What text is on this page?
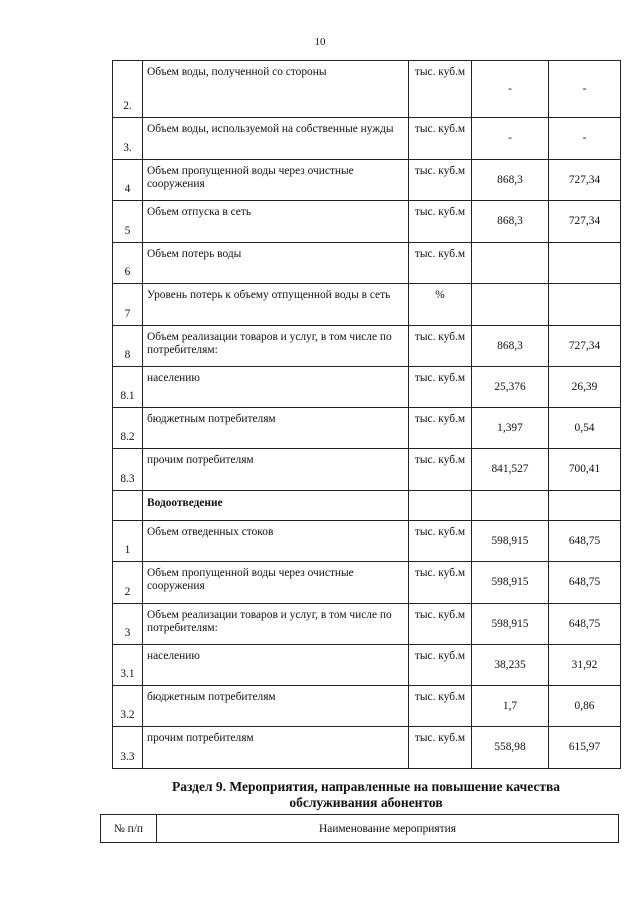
10
2.	Объем воды, полученной со стороны	тыс. куб.м	-	-
3.	Объем воды, используемой на собственные нужды	тыс. куб.м	-	-
4	Объем пропущенной воды через очистные сооружения	тыс. куб.м	868,3	727,34
5	Объем отпуска в сеть	тыс. куб.м	868,3	727,34
6	Объем потерь воды	тыс. куб.м		
7	Уровень потерь к объему отпущенной воды в сеть	%		
8	Объем реализации товаров и услуг, в том числе по потребителям:	тыс. куб.м	868,3	727,34
8.1	населению	тыс. куб.м	25,376	26,39
8.2	бюджетным потребителям	тыс. куб.м	1,397	0,54
8.3	прочим потребителям	тыс. куб.м	841,527	700,41
	Водоотведение			
1	Объем отведенных стоков	тыс. куб.м	598,915	648,75
2	Объем пропущенной воды через очистные сооружения	тыс. куб.м	598,915	648,75
3	Объем реализации товаров и услуг, в том числе по потребителям:	тыс. куб.м	598,915	648,75
3.1	населению	тыс. куб.м	38,235	31,92
3.2	бюджетным потребителям	тыс. куб.м	1,7	0,86
3.3	прочим потребителям	тыс. куб.м	558,98	615,97
Раздел 9. Мероприятия, направленные на повышение качества
обслуживания абонентов
№ п/п	Наименование мероприятия
